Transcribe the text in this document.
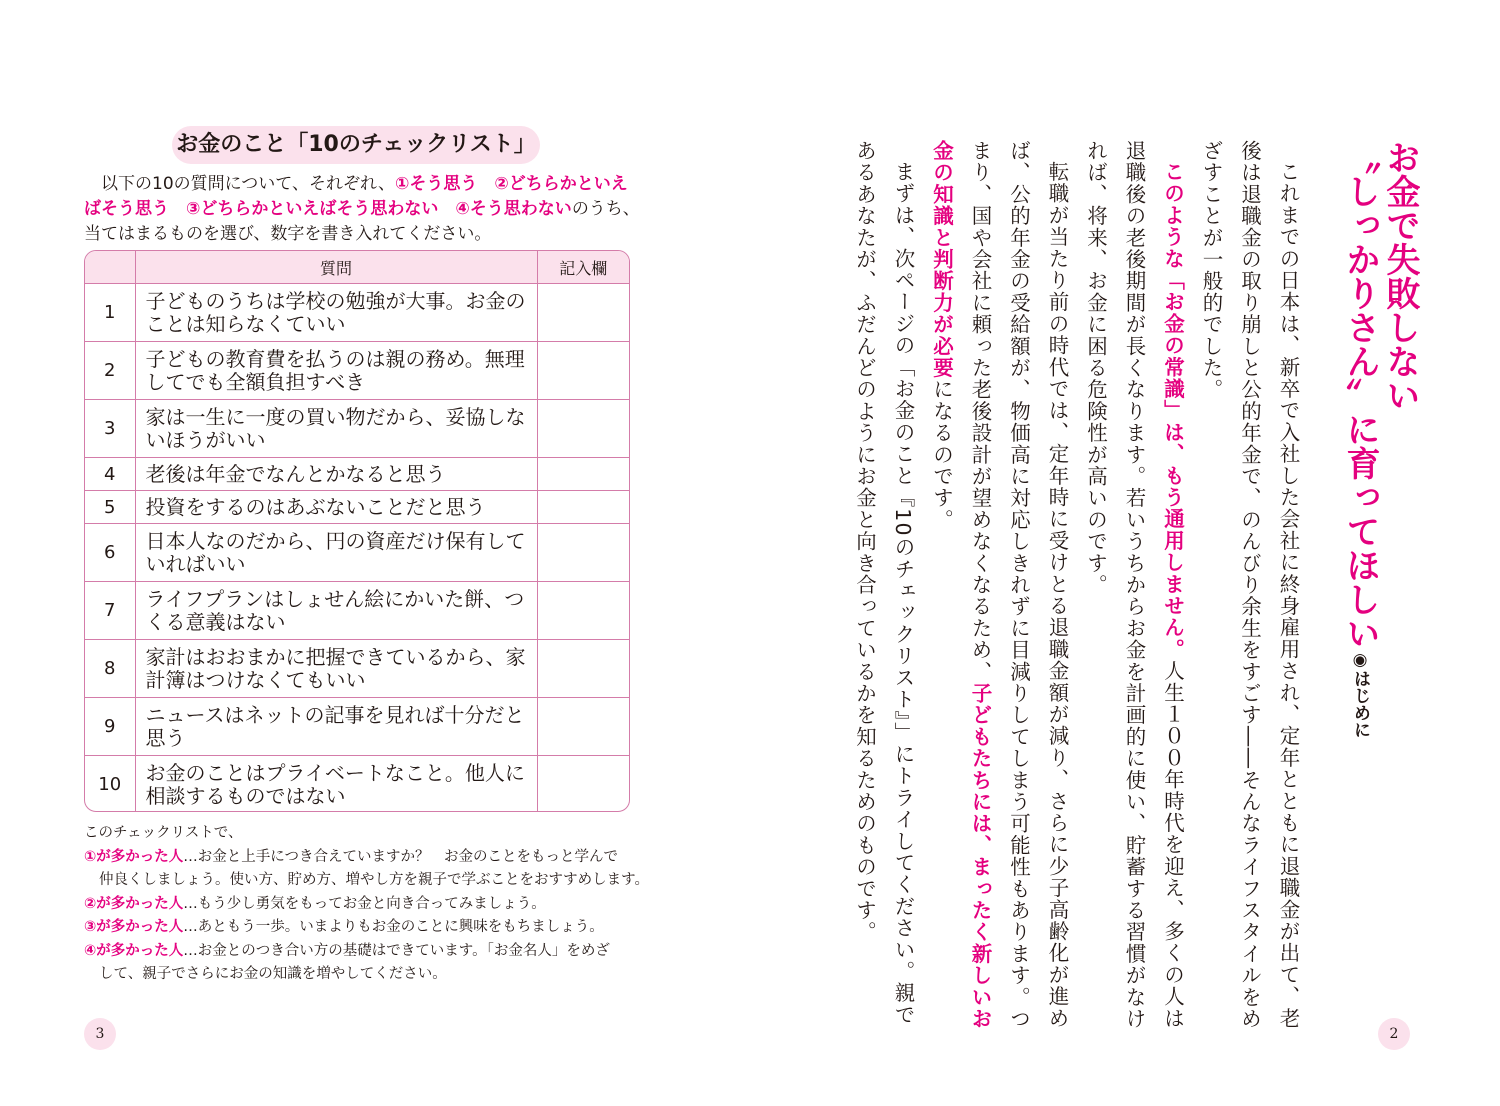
お金のこと「10のチェックリスト」

　以下の10の質問について、それぞれ、①そう思う　 ②どちらかといえばそう思う　 ③どちらかといえばそう思わない　 ④そう思わないのうち、当てはまるものを選び、数字を書き入れてください。

	質問	記入欄
1	子どものうちは学校の勉強が大事。お金のことは知らなくていい	
2	子どもの教育費を払うのは親の務め。無理してでも全額負担すべき	
3	家は一生に一度の買い物だから、妥協しないほうがいい	
4	老後は年金でなんとかなると思う	
5	投資をするのはあぶないことだと思う	
6	日本人なのだから、円の資産だけ保有していればいい	
7	ライフプランはしょせん絵にかいた餅、つくる意義はない	
8	家計はおおまかに把握できているから、家計簿はつけなくてもいい	
9	ニュースはネットの記事を見れば十分だと思う	
10	お金のことはプライベートなこと。他人に相談するものではない	

このチェックリストで、

①が多かった人…お金と上手につき合えていますか？　お金のことをもっと学んで

仲良くしましょう。使い方、貯め方、増やし方を親子で学ぶことをおすすめします。

②が多かった人…もう少し勇気をもってお金と向き合ってみましょう。

③が多かった人…あともう一歩。いまよりもお金のことに興味をもちましょう。

④が多かった人…お金とのつき合い方の基礎はできています。「お金名人」をめざ

して、親子でさらにお金の知識を増やしてください。

3
お金で失敗しない
〝しっかりさん〟に育ってほしい◉はじめに

これまでの日本は、新卒で入社した会社に終身雇用され、定年とともに退職金が出て、老後は退職金の取り崩しと公的年金で、のんびり余生をすごす――そんなライフスタイルをめざすことが一般的でした。

このような「お金の常識」は、もう通用しません。人生１００年時代を迎え、多くの人は退職後の老後期間が長くなります。若いうちからお金を計画的に使い、貯蓄する習慣がなければ、将来、お金に困る危険性が高いのです。

転職が当たり前の時代では、定年時に受けとる退職金額が減り、さらに少子高齢化が進めば、公的年金の受給額が、物価高に対応しきれずに目減りしてしまう可能性もあります。つまり、国や会社に頼った老後設計が望めなくなるため、子どもたちには、まったく新しいお金の知識と判断力が必要になるのです。

まずは、次ページの「お金のこと『10のチェックリスト』」にトライしてください。親であるあなたが、ふだんどのようにお金と向き合っているかを知るためのものです。

2
